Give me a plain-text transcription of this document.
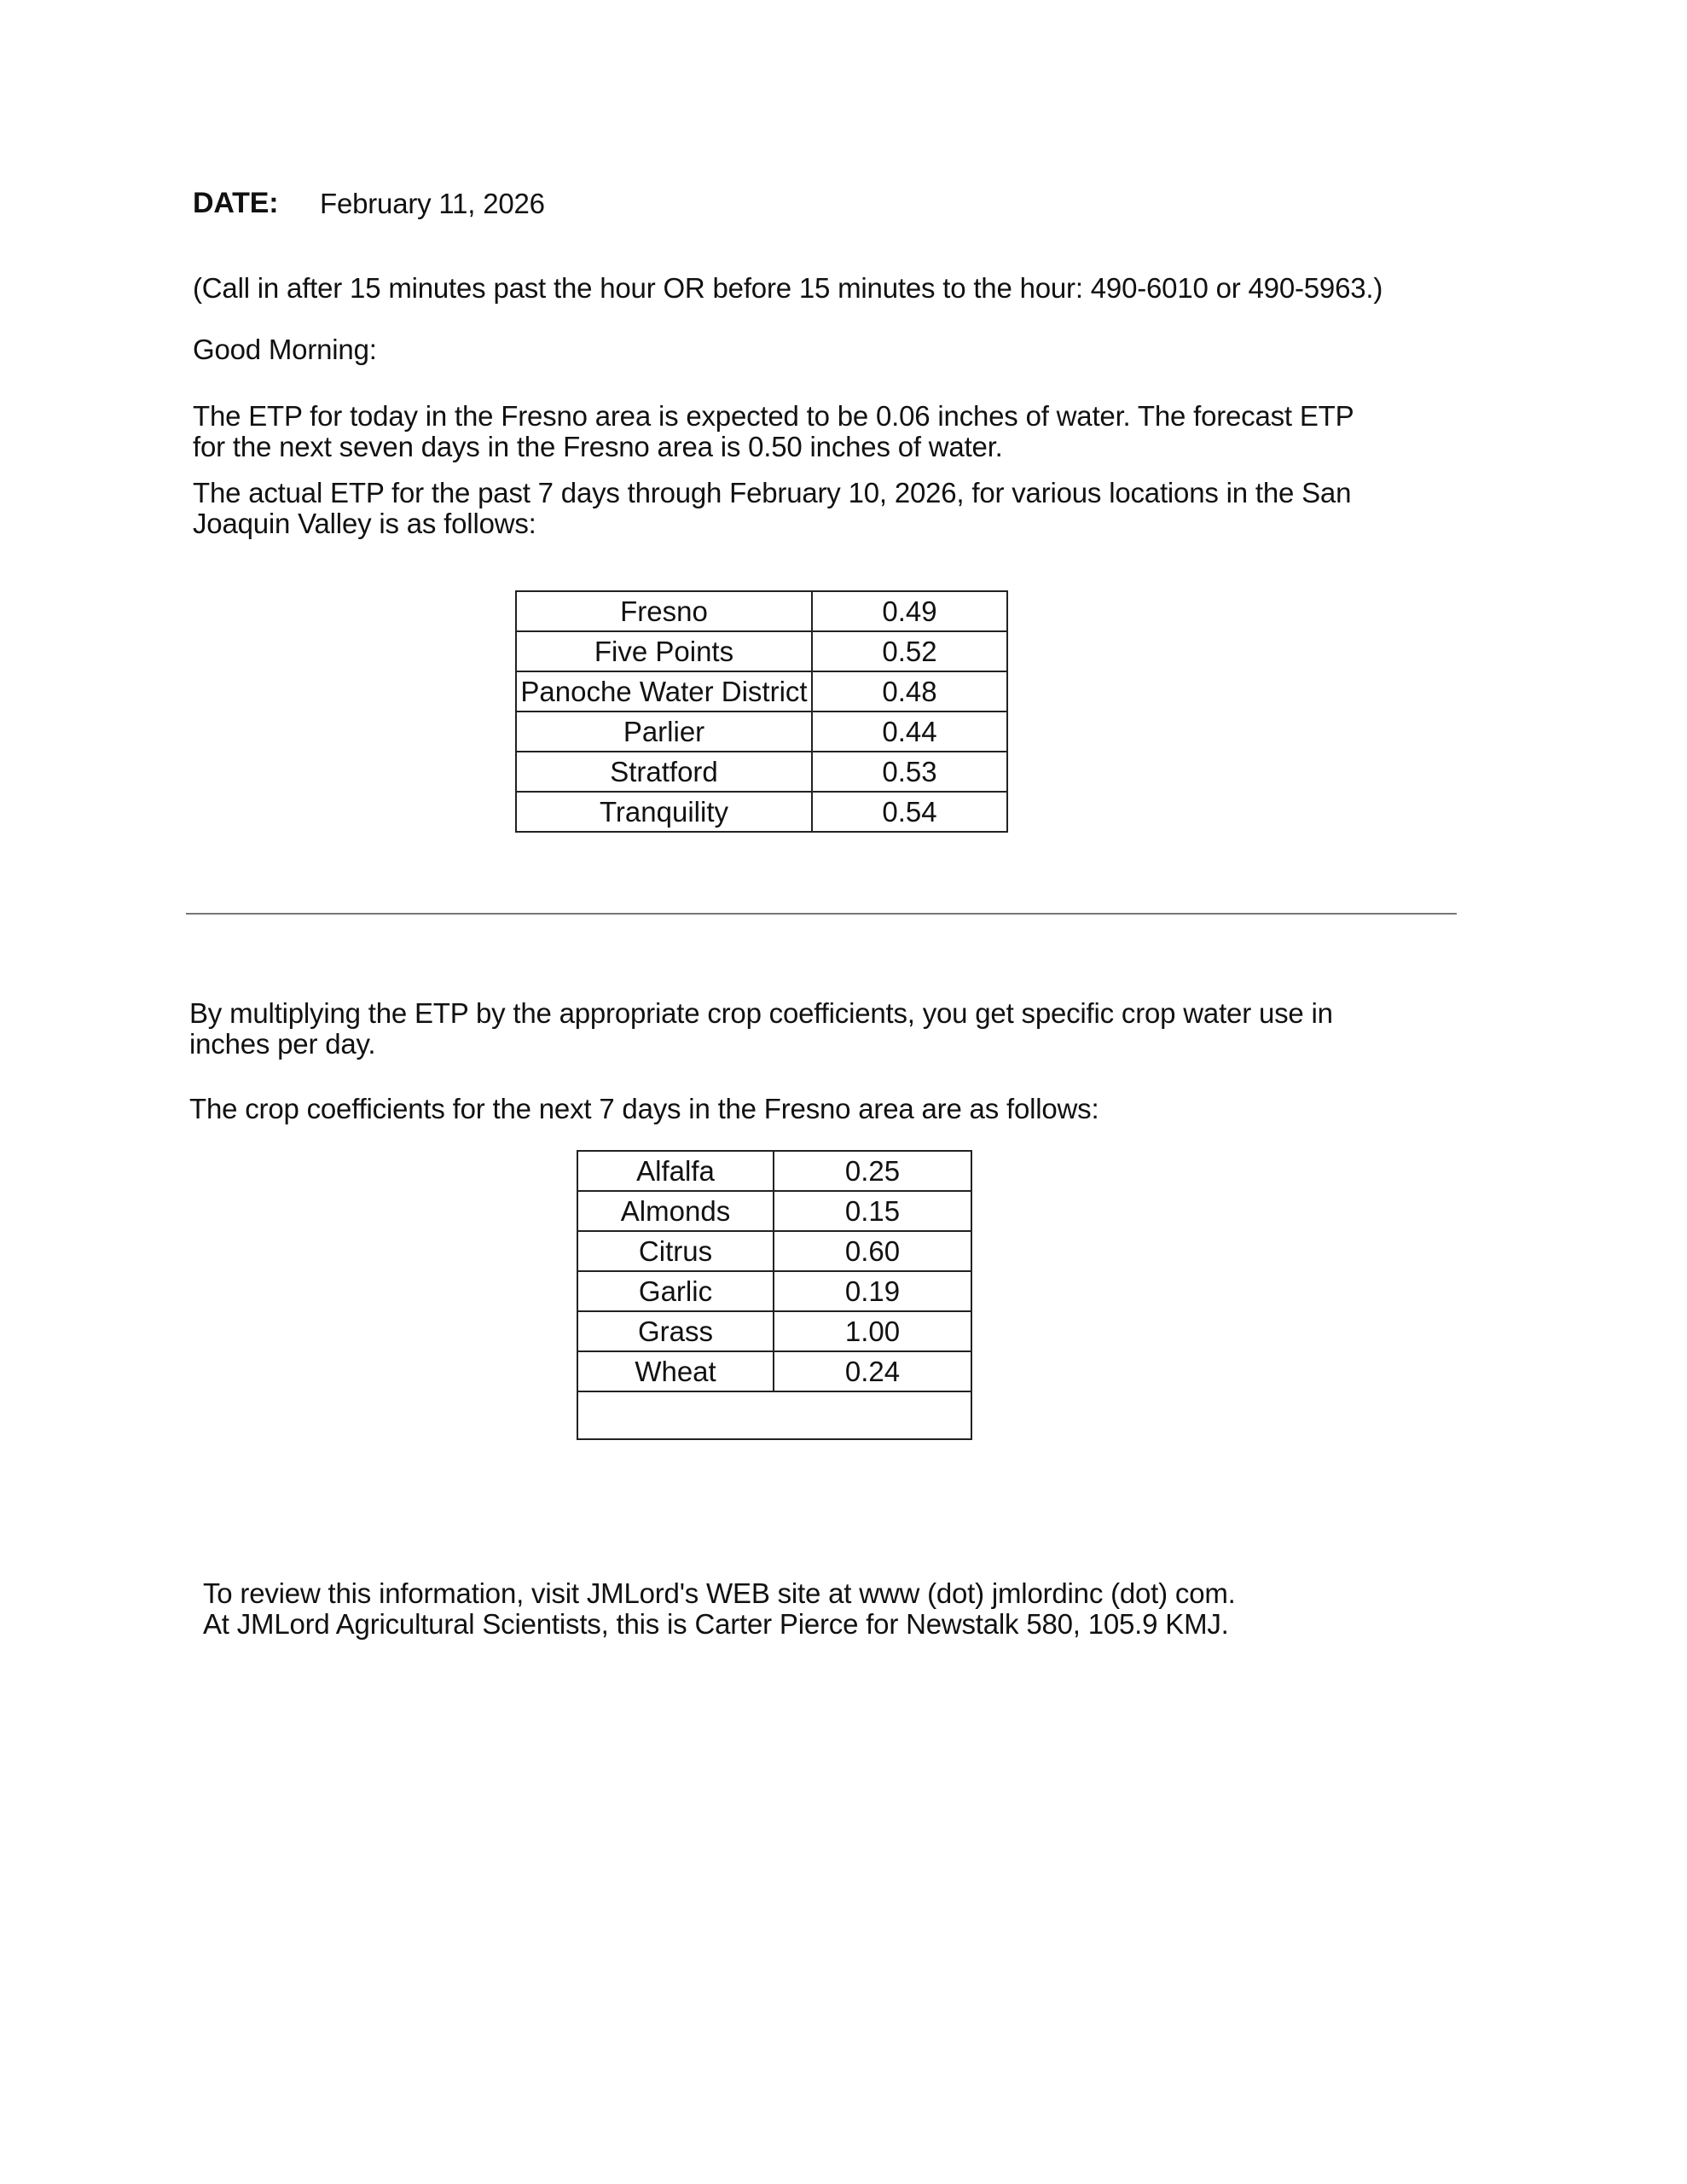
DATE: February 11, 2026
(Call in after 15 minutes past the hour OR before 15 minutes to the hour: 490-6010 or 490-5963.)
Good Morning:
The ETP for today in the Fresno area is expected to be 0.06 inches of water. The forecast ETP
for the next seven days in the Fresno area is 0.50 inches of water.
The actual ETP for the past 7 days through February 10, 2026, for various locations in the San
Joaquin Valley is as follows:
Fresno	0.49
Five Points	0.52
Panoche Water District	0.48
Parlier	0.44
Stratford	0.53
Tranquility	0.54
By multiplying the ETP by the appropriate crop coefficients, you get specific crop water use in
inches per day.
The crop coefficients for the next 7 days in the Fresno area are as follows:
Alfalfa	0.25
Almonds	0.15
Citrus	0.60
Garlic	0.19
Grass	1.00
Wheat	0.24

To review this information, visit JMLord's WEB site at www (dot) jmlordinc (dot) com.
At JMLord Agricultural Scientists, this is Carter Pierce for Newstalk 580, 105.9 KMJ.
